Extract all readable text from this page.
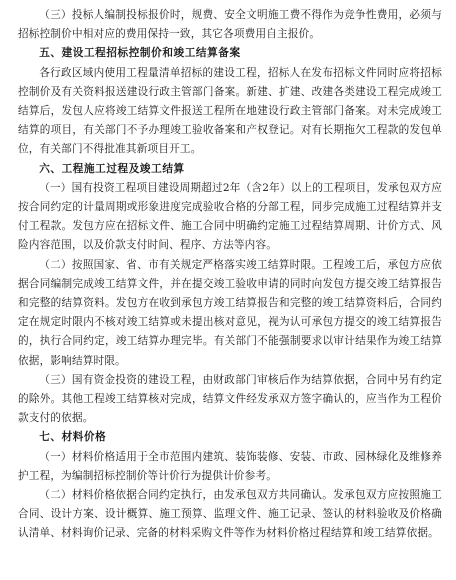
（三）投标人编制投标报价时，规费、安全文明施工费不得作为竞争性费用，必须与招标控制价中相对应的费用保持一致，其它各项费用自主报价。

五、建设工程招标控制价和竣工结算备案

各行政区域内使用工程量清单招标的建设工程，招标人在发布招标文件同时应将招标控制价及有关资料报送建设行政主管部门备案。新建、扩建、改建各类建设工程完成竣工结算后，发包人应将竣工结算文件报送工程所在地建设行政主管部门备案。对未完成竣工结算的项目，有关部门不予办理竣工验收备案和产权登记。对有长期拖欠工程款的发包单位，有关部门不得批准其新项目开工。

六、工程施工过程及竣工结算

（一）国有投资工程项目建设周期超过2年（含2年）以上的工程项目，发承包双方应按合同约定的计量周期或形象进度完成验收合格的分部工程，同步完成施工过程结算并支付工程款。发包方应在招标文件、施工合同中明确约定施工过程结算周期、计价方式、风险内容范围，以及价款支付时间、程序、方法等内容。

（二）按照国家、省、市有关规定严格落实竣工结算时限。工程竣工后，承包方应依据合同编制完成竣工结算文件，并在提交竣工验收申请的同时向发包方提交竣工结算报告和完整的结算资料。发包方在收到承包方竣工结算报告和完整的竣工结算资料后，合同约定在规定时限内不核对竣工结算或未提出核对意见，视为认可承包方提交的竣工结算报告的，执行合同约定，竣工结算办理完毕。有关部门不能强制要求以审计结果作为竣工结算依据，影响结算时限。

（三）国有资金投资的建设工程，由财政部门审核后作为结算依据，合同中另有约定的除外。其他工程竣工结算核对完成，结算文件经发承双方签字确认的，应当作为工程价款支付的依据。

七、材料价格

（一）材料价格适用于全市范围内建筑、装饰装修、安装、市政、园林绿化及维修养护工程，为编制招标控制价等计价行为提供计价参考。

（二）材料价格依据合同约定执行，由发承包双方共同确认。发承包双方应按照施工合同、设计方案、设计概算、施工预算、监理文件、施工记录、签认的材料验收及价格确认清单、材料询价记录、完备的材料采购文件等作为材料价格过程结算和竣工结算依据。
